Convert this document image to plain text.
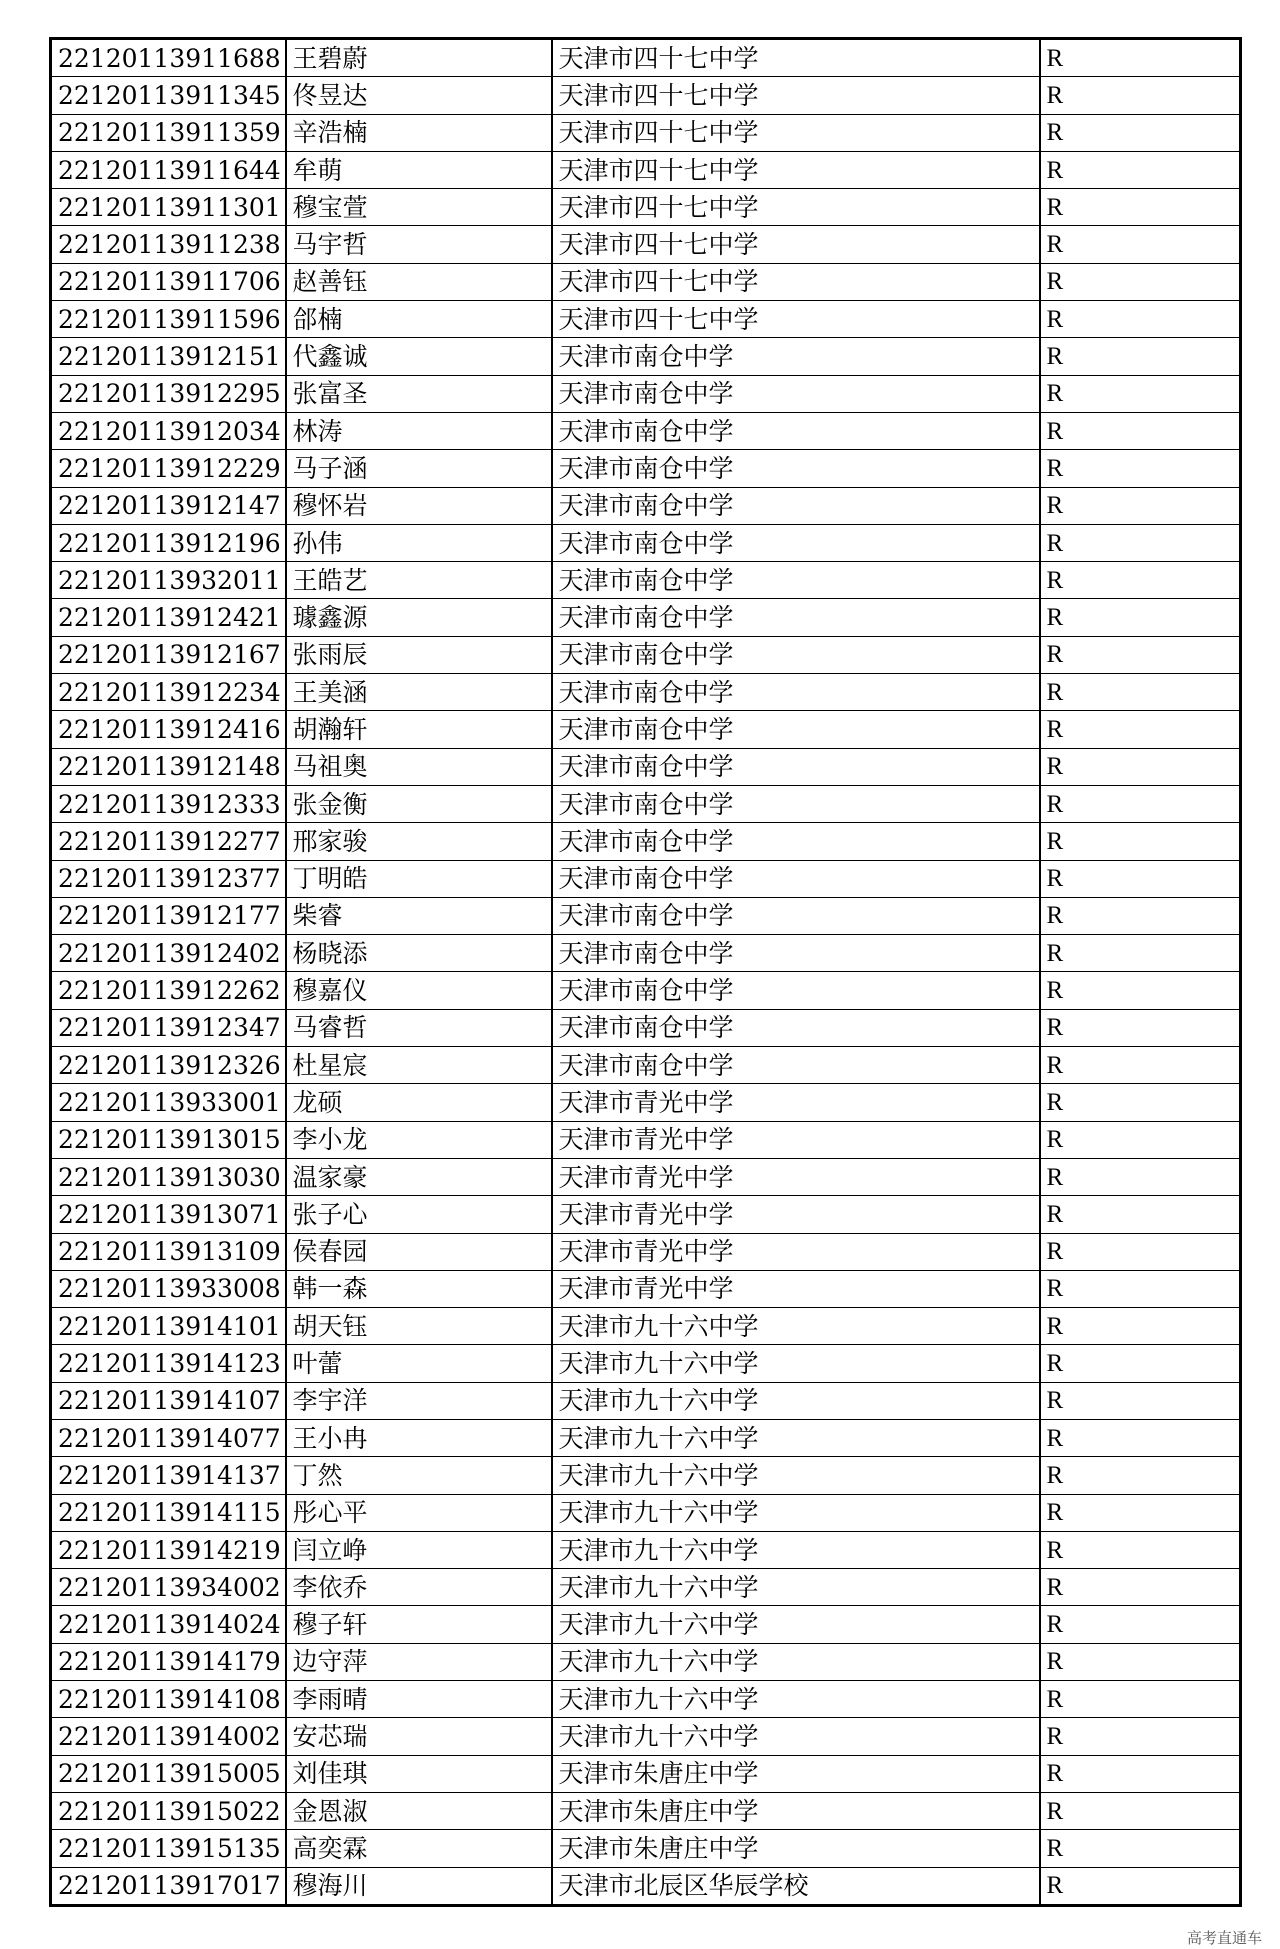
22120113911688	王碧蔚	天津市四十七中学	R
22120113911345	佟昱达	天津市四十七中学	R
22120113911359	辛浩楠	天津市四十七中学	R
22120113911644	牟萌	天津市四十七中学	R
22120113911301	穆宝萱	天津市四十七中学	R
22120113911238	马宇哲	天津市四十七中学	R
22120113911706	赵善钰	天津市四十七中学	R
22120113911596	郃楠	天津市四十七中学	R
22120113912151	代鑫诚	天津市南仓中学	R
22120113912295	张富圣	天津市南仓中学	R
22120113912034	林涛	天津市南仓中学	R
22120113912229	马子涵	天津市南仓中学	R
22120113912147	穆怀岩	天津市南仓中学	R
22120113912196	孙伟	天津市南仓中学	R
22120113932011	王皓艺	天津市南仓中学	R
22120113912421	璩鑫源	天津市南仓中学	R
22120113912167	张雨辰	天津市南仓中学	R
22120113912234	王美涵	天津市南仓中学	R
22120113912416	胡瀚轩	天津市南仓中学	R
22120113912148	马祖奥	天津市南仓中学	R
22120113912333	张金衡	天津市南仓中学	R
22120113912277	邢家骏	天津市南仓中学	R
22120113912377	丁明皓	天津市南仓中学	R
22120113912177	柴睿	天津市南仓中学	R
22120113912402	杨晓添	天津市南仓中学	R
22120113912262	穆嘉仪	天津市南仓中学	R
22120113912347	马睿哲	天津市南仓中学	R
22120113912326	杜星宸	天津市南仓中学	R
22120113933001	龙硕	天津市青光中学	R
22120113913015	李小龙	天津市青光中学	R
22120113913030	温家豪	天津市青光中学	R
22120113913071	张子心	天津市青光中学	R
22120113913109	侯春园	天津市青光中学	R
22120113933008	韩一森	天津市青光中学	R
22120113914101	胡天钰	天津市九十六中学	R
22120113914123	叶蕾	天津市九十六中学	R
22120113914107	李宇洋	天津市九十六中学	R
22120113914077	王小冉	天津市九十六中学	R
22120113914137	丁然	天津市九十六中学	R
22120113914115	彤心平	天津市九十六中学	R
22120113914219	闫立峥	天津市九十六中学	R
22120113934002	李依乔	天津市九十六中学	R
22120113914024	穆子轩	天津市九十六中学	R
22120113914179	边守萍	天津市九十六中学	R
22120113914108	李雨晴	天津市九十六中学	R
22120113914002	安芯瑞	天津市九十六中学	R
22120113915005	刘佳琪	天津市朱唐庄中学	R
22120113915022	金恩淑	天津市朱唐庄中学	R
22120113915135	高奕霖	天津市朱唐庄中学	R
22120113917017	穆海川	天津市北辰区华辰学校	R
高考直通车
